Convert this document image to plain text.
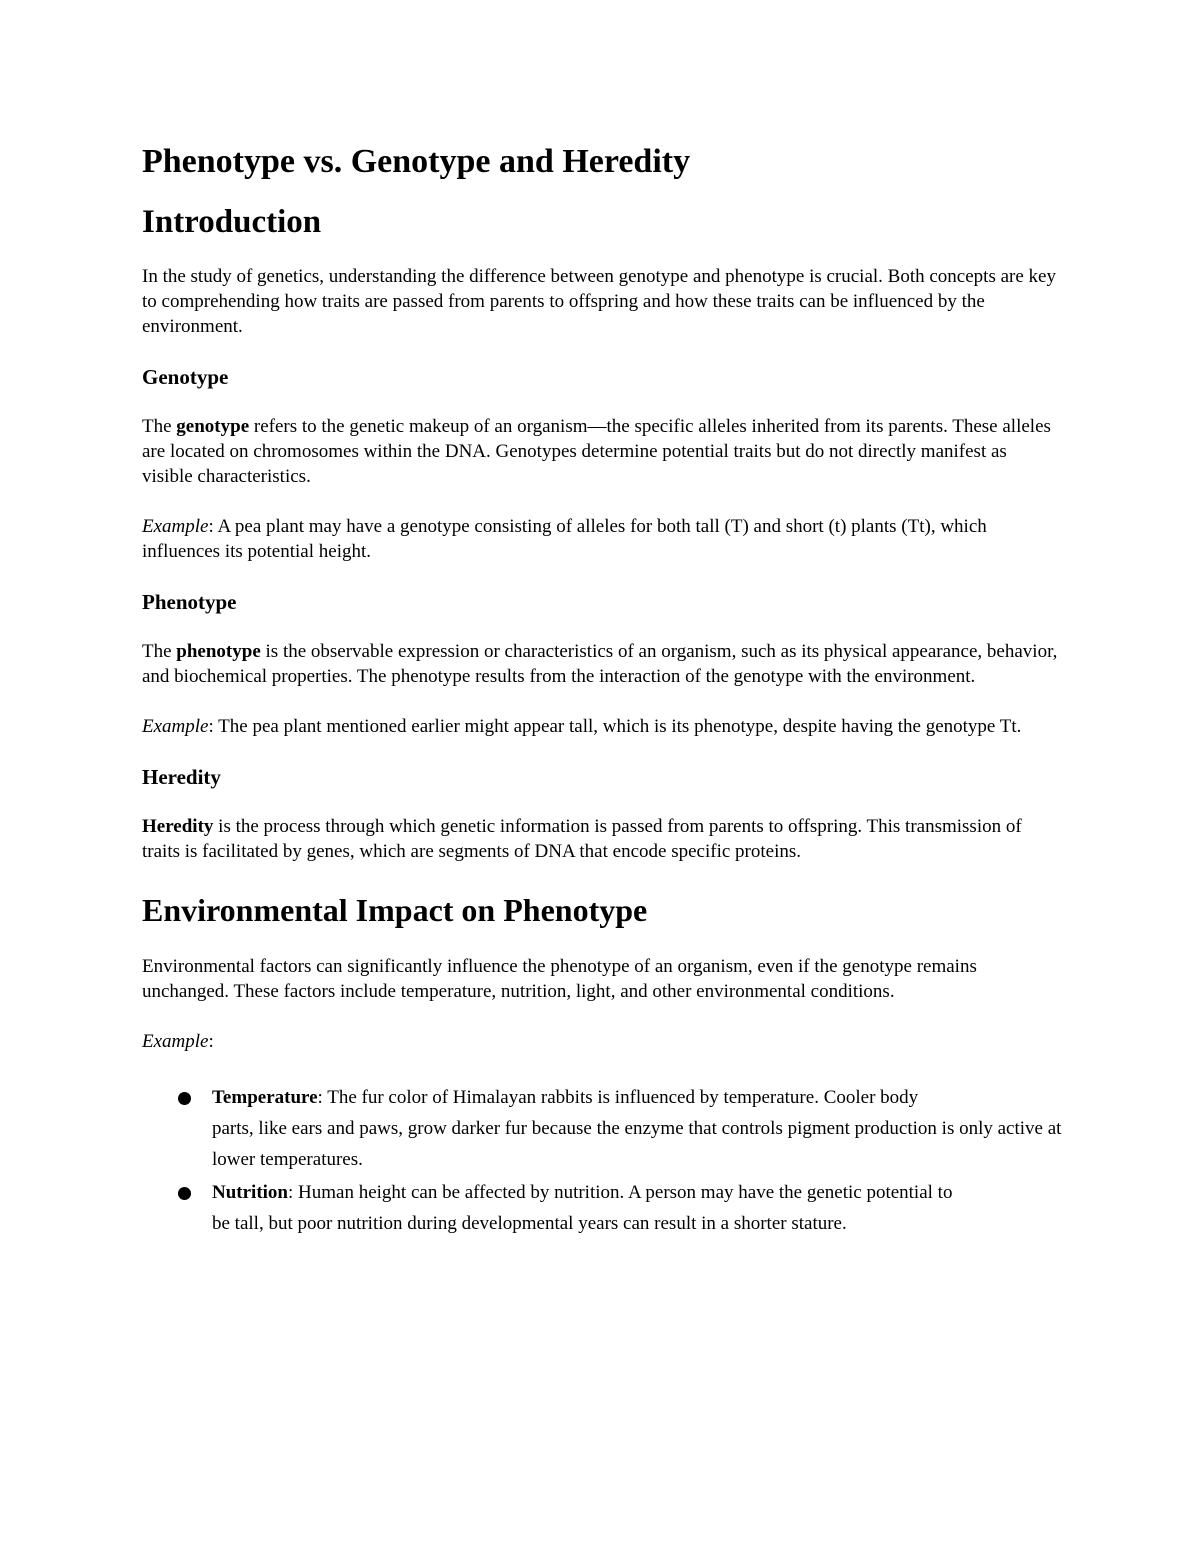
Phenotype vs. Genotype and Heredity
Introduction

In the study of genetics, understanding the difference between genotype and phenotype is crucial. Both concepts are key to comprehending how traits are passed from parents to offspring and how these traits can be influenced by the environment.

Genotype

The genotype refers to the genetic makeup of an organism—the specific alleles inherited from its parents. These alleles are located on chromosomes within the DNA. Genotypes determine potential traits but do not directly manifest as visible characteristics.

Example: A pea plant may have a genotype consisting of alleles for both tall (T) and short (t) plants (Tt), which influences its potential height.

Phenotype

The phenotype is the observable expression or characteristics of an organism, such as its physical appearance, behavior, and biochemical properties. The phenotype results from the interaction of the genotype with the environment.

Example: The pea plant mentioned earlier might appear tall, which is its phenotype, despite having the genotype Tt.

Heredity

Heredity is the process through which genetic information is passed from parents to offspring. This transmission of traits is facilitated by genes, which are segments of DNA that encode specific proteins.

Environmental Impact on Phenotype

Environmental factors can significantly influence the phenotype of an organism, even if the genotype remains unchanged. These factors include temperature, nutrition, light, and other environmental conditions.

Example:

Temperature: The fur color of Himalayan rabbits is influenced by temperature. Cooler body
parts, like ears and paws, grow darker fur because the enzyme that controls pigment production is only active at lower temperatures.
Nutrition: Human height can be affected by nutrition. A person may have the genetic potential to
be tall, but poor nutrition during developmental years can result in a shorter stature.
